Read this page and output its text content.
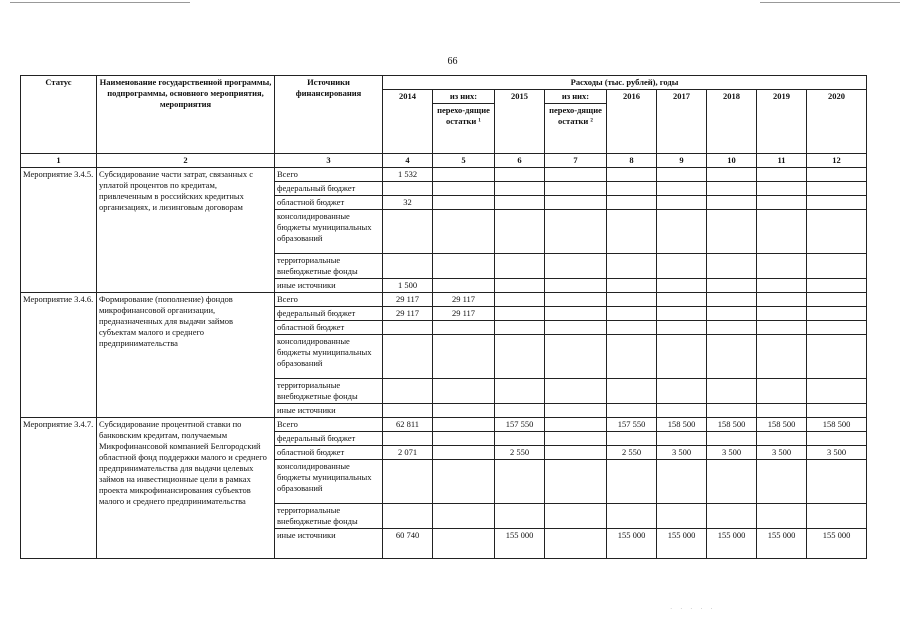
66
Статус	Наименование государственной программы, подпрограммы, основного мероприятия, мероприятия	Источники финансирования	Расходы (тыс. рублей), годы								
			2014	из них:	2015	из них:	2016	2017	2018	2019	2020
				перехо-дящие остатки ¹		перехо-дящие остатки ²					
1	2	3	4	5	6	7	8	9	10	11	12
Мероприятие 3.4.5.	Субсидирование части затрат, связанных с уплатой процентов по кредитам, привлеченным в российских кредитных организациях, и лизинговым договорам	Всего	1 532								
		федеральный бюджет									
		областной бюджет	32								
		консолидированные бюджеты муниципальных образований									
		территориальные внебюджетные фонды									
		иные источники	1 500								
Мероприятие 3.4.6.	Формирование (пополнение) фондов микрофинансовой организации, предназначенных для выдачи займов субъектам малого и среднего предпринимательства	Всего	29 117	29 117							
		федеральный бюджет	29 117	29 117							
		областной бюджет									
		консолидированные бюджеты муниципальных образований									
		территориальные внебюджетные фонды									
		иные источники									
Мероприятие 3.4.7.	Субсидирование процентной ставки по банковским кредитам, получаемым Микрофинансовой компанией Белгородский областной фонд поддержки малого и среднего предпринимательства для выдачи целевых займов на инвестиционные цели в рамках проекта микрофинансирования субъектов малого и среднего предпринимательства	Всего	62 811		157 550		157 550	158 500	158 500	158 500	158 500
		федеральный бюджет									
		областной бюджет	2 071		2 550		2 550	3 500	3 500	3 500	3 500
		консолидированные бюджеты муниципальных образований									
		территориальные внебюджетные фонды									
		иные источники	60 740		155 000		155 000	155 000	155 000	155 000	155 000
· · · · ·
